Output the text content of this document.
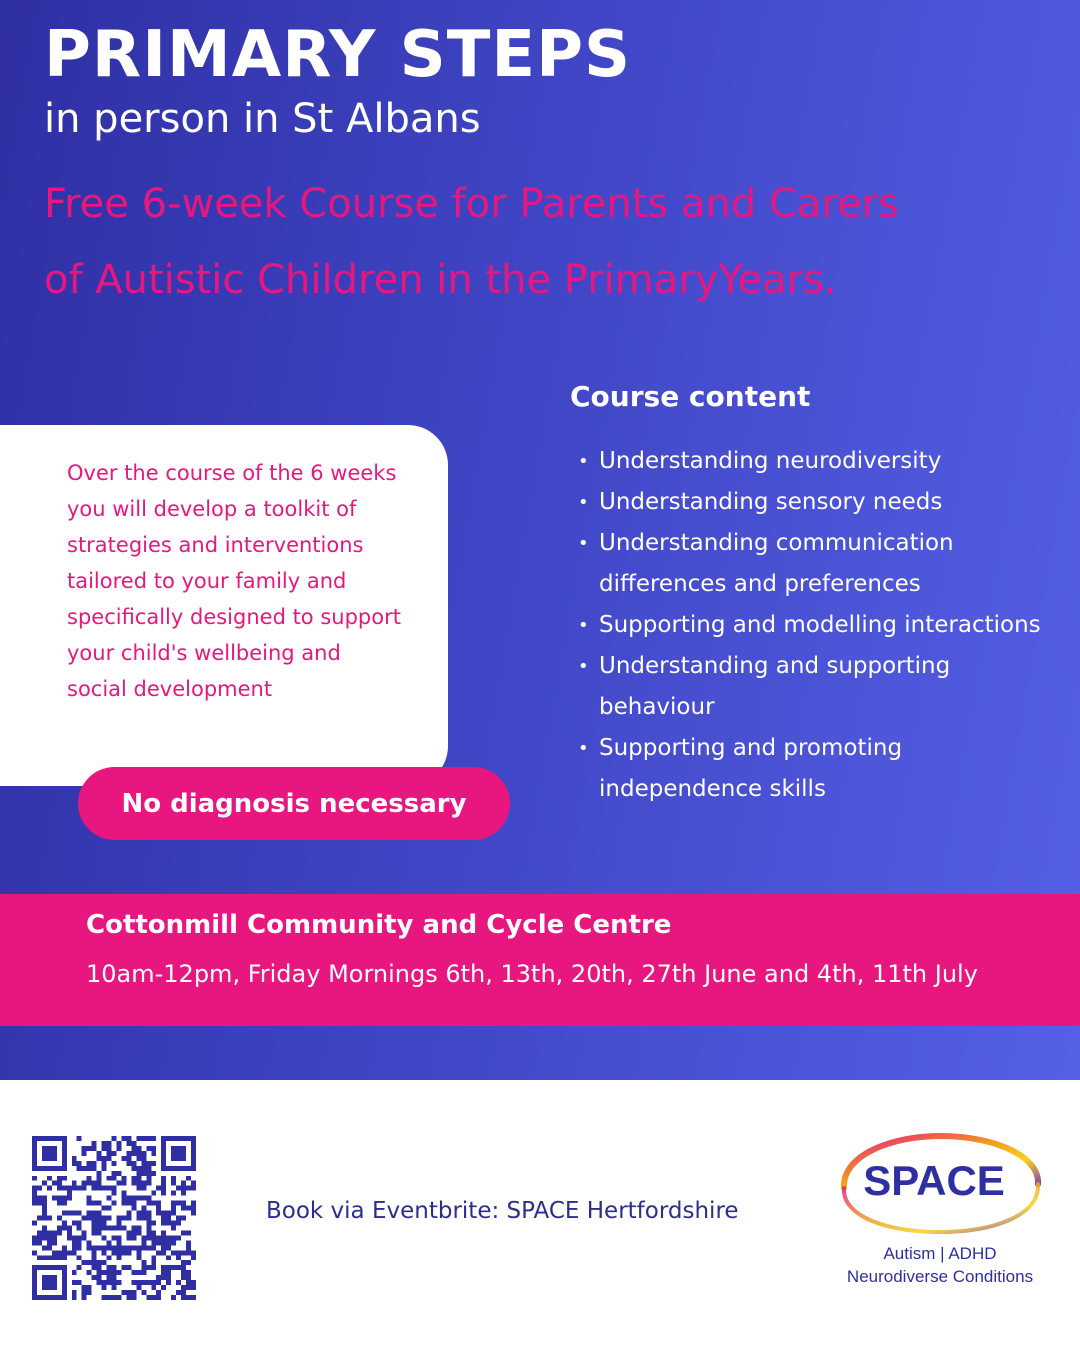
PRIMARY STEPS

in person in St Albans

Free 6-week Course for Parents and Carers
of Autistic Children in the PrimaryYears.

Over the course of the 6 weeks you will develop a toolkit of strategies and interventions tailored to your family and specifically designed to support your child's wellbeing and social development

No diagnosis necessary
Course content
• Understanding neurodiversity
• Understanding sensory needs
• Understanding communication differences and preferences
• Supporting and modelling interactions
• Understanding and supporting behaviour
• Supporting and promoting independence skills

Cottonmill Community and Cycle Centre

10am-12pm, Friday Mornings 6th, 13th, 20th, 27th June and 4th, 11th July

Book via Eventbrite: SPACE Hertfordshire

SPACE

Autism | ADHD

Neurodiverse Conditions
